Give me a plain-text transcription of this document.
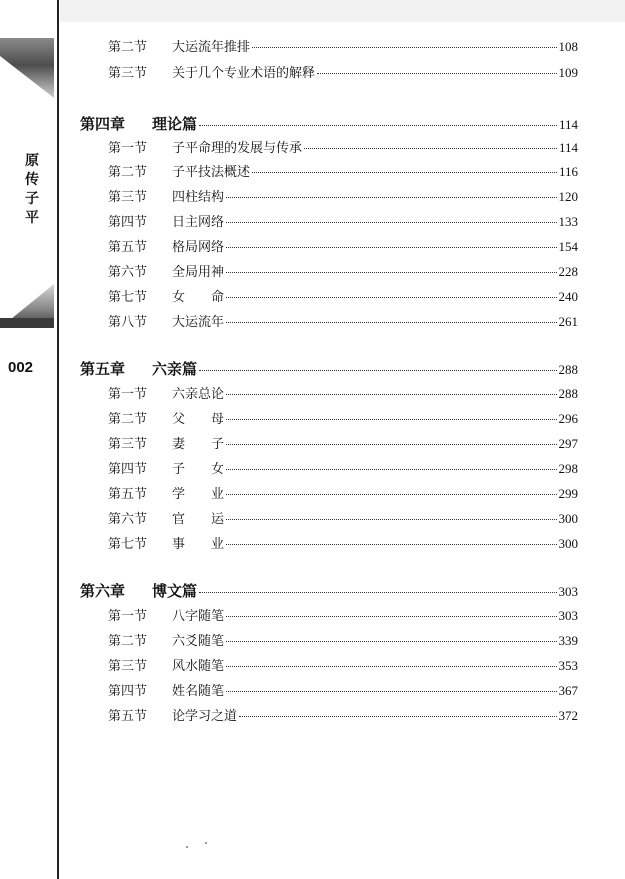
原
传
子
平
002
第二节	大运流年推排	108
第三节	关于几个专业术语的解释	109
第四章	理论篇	114
第一节	子平命理的发展与传承	114
第二节	子平技法概述	116
第三节	四柱结构	120
第四节	日主网络	133
第五节	格局网络	154
第六节	全局用神	228
第七节	女　　命	240
第八节	大运流年	261
第五章	六亲篇	288
第一节	六亲总论	288
第二节	父　　母	296
第三节	妻　　子	297
第四节	子　　女	298
第五节	学　　业	299
第六节	官　　运	300
第七节	事　　业	300
第六章	博文篇	303
第一节	八字随笔	303
第二节	六爻随笔	339
第三节	风水随笔	353
第四节	姓名随笔	367
第五节	论学习之道	372
